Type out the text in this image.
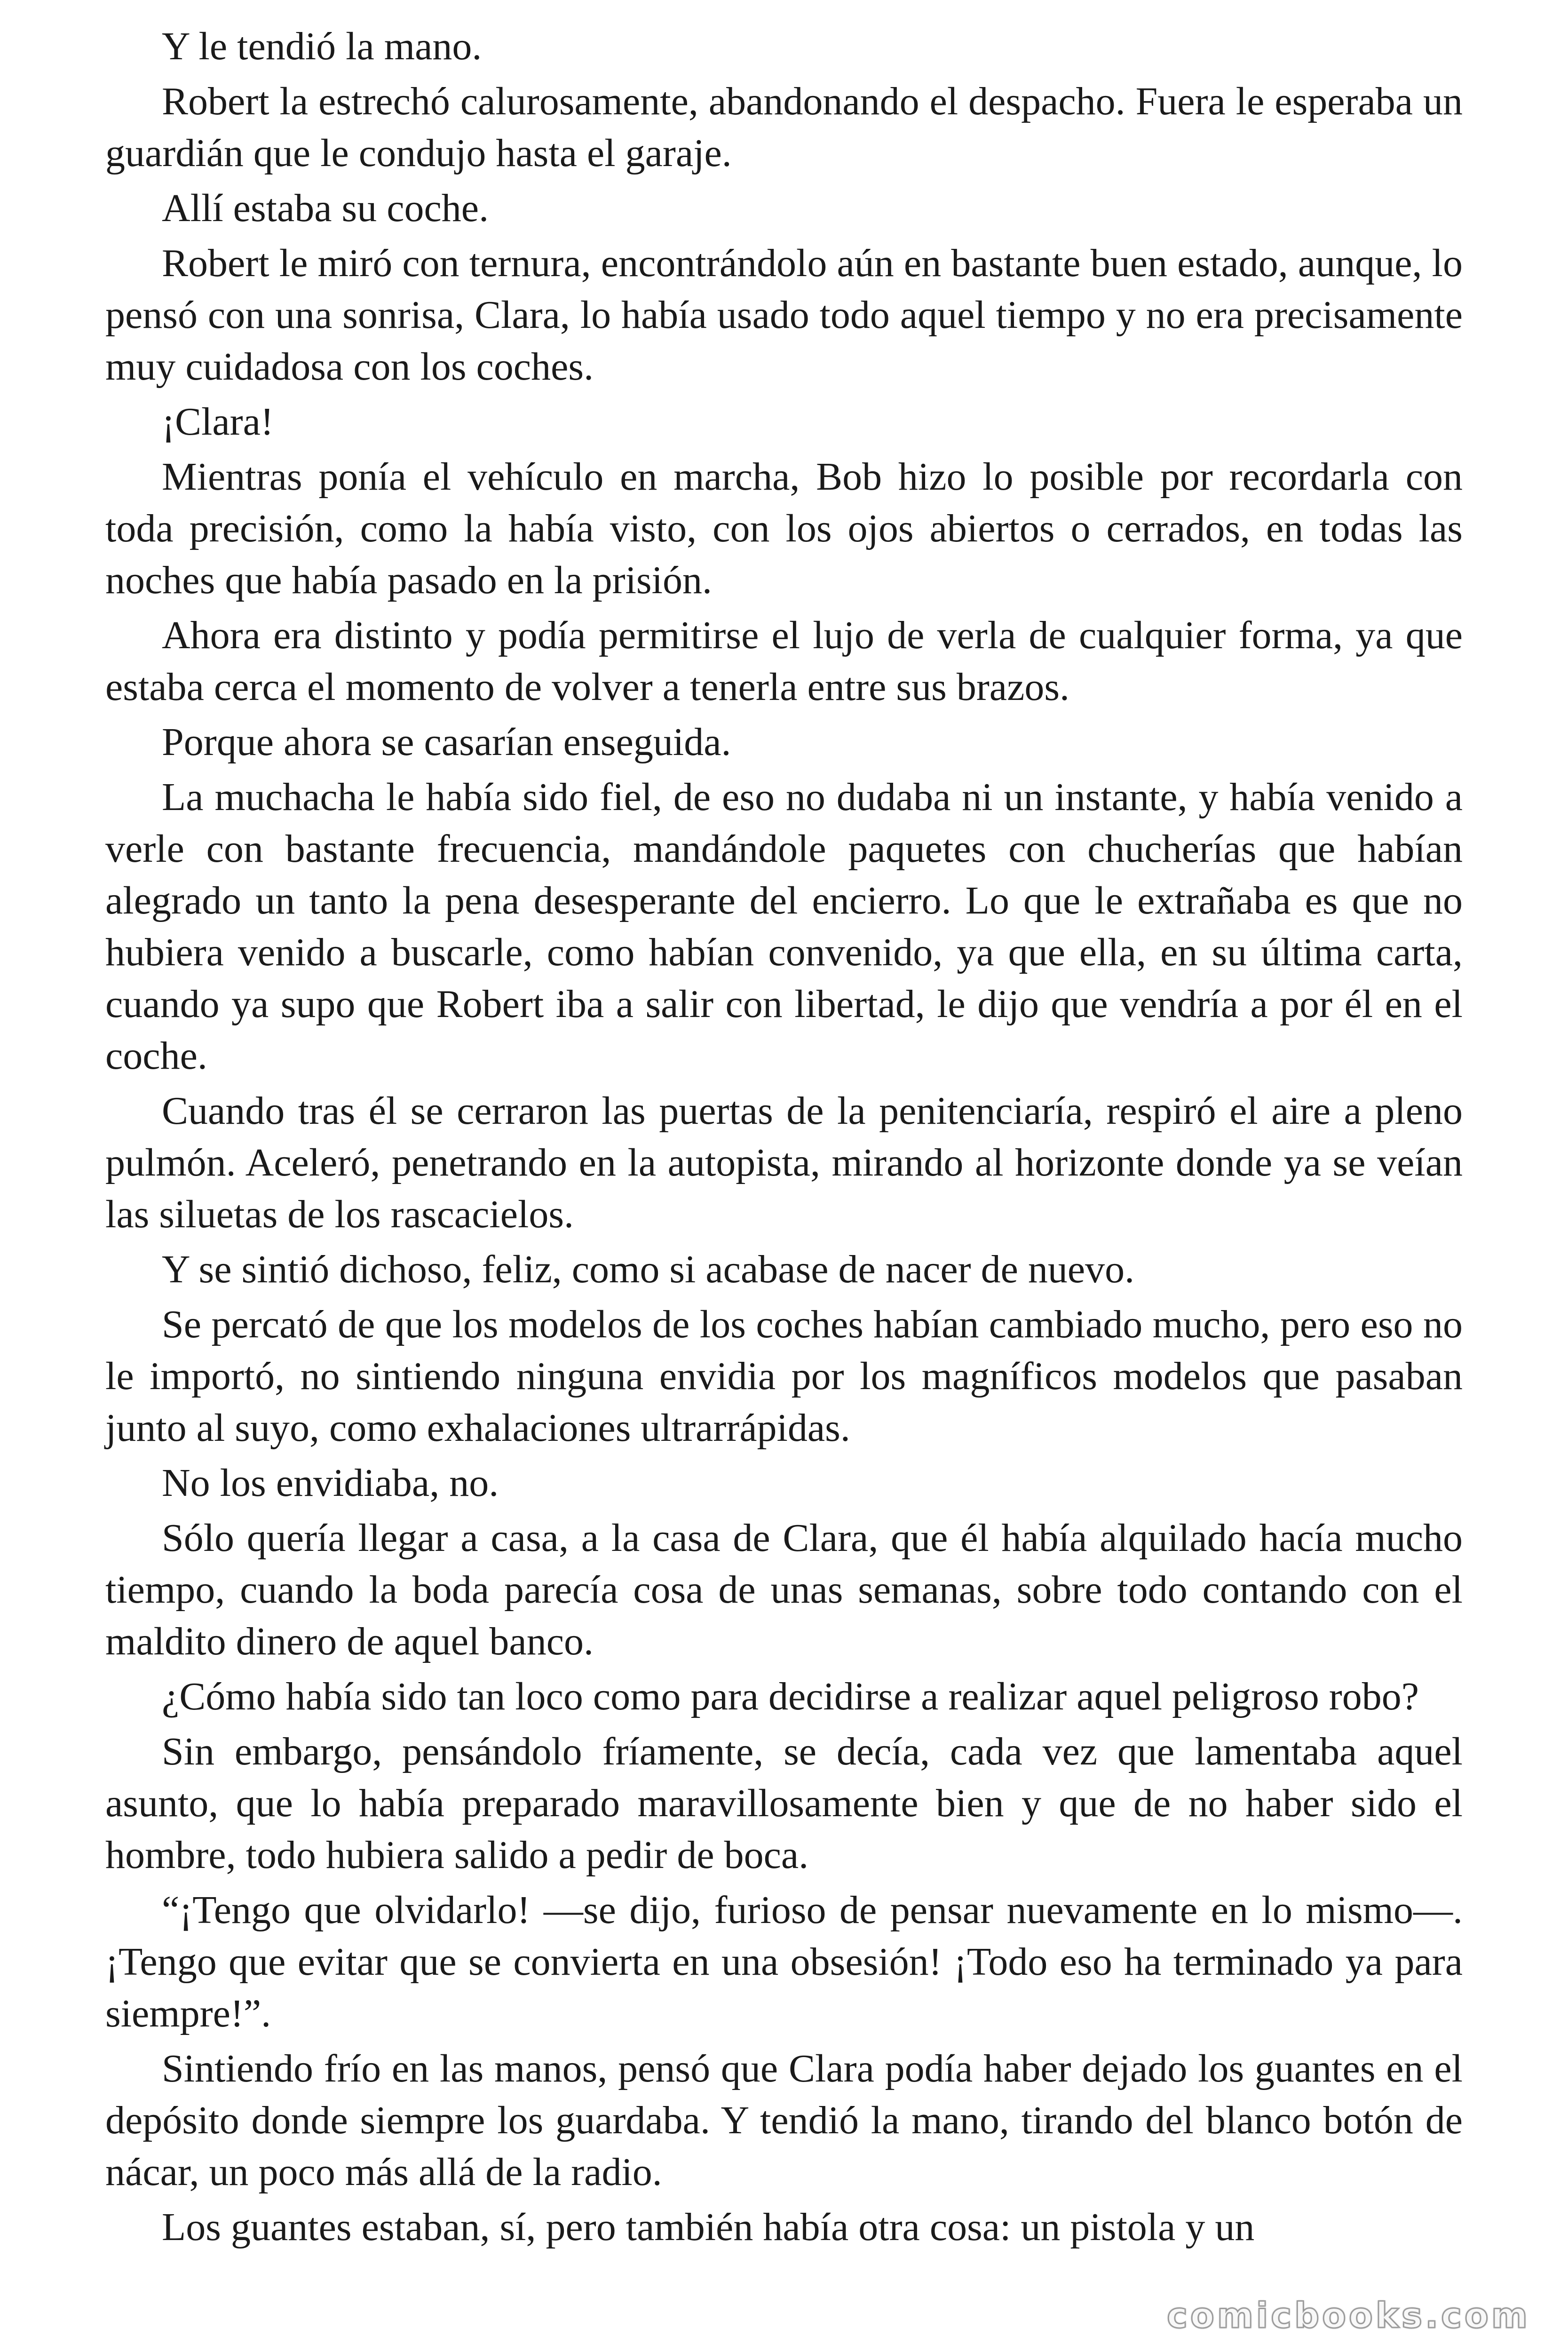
Y le tendió la mano.

Robert la estrechó calurosamente, abandonando el despacho. Fuera le esperaba un guardián que le condujo hasta el garaje.

Allí estaba su coche.

Robert le miró con ternura, encontrándolo aún en bastante buen estado, aunque, lo pensó con una sonrisa, Clara, lo había usado todo aquel tiempo y no era precisamente muy cuidadosa con los coches.

¡Clara!

Mientras ponía el vehículo en marcha, Bob hizo lo posible por recordarla con toda precisión, como la había visto, con los ojos abiertos o cerrados, en todas las noches que había pasado en la prisión.

Ahora era distinto y podía permitirse el lujo de verla de cualquier forma, ya que estaba cerca el momento de volver a tenerla entre sus brazos.

Porque ahora se casarían enseguida.

La muchacha le había sido fiel, de eso no dudaba ni un instante, y había venido a verle con bastante frecuencia, mandándole paquetes con chucherías que habían alegrado un tanto la pena desesperante del encierro. Lo que le extrañaba es que no hubiera venido a buscarle, como habían convenido, ya que ella, en su última carta, cuando ya supo que Robert iba a salir con libertad, le dijo que vendría a por él en el coche.

Cuando tras él se cerraron las puertas de la penitenciaría, respiró el aire a pleno pulmón. Aceleró, penetrando en la autopista, mirando al horizonte donde ya se veían las siluetas de los rascacielos.

Y se sintió dichoso, feliz, como si acabase de nacer de nuevo.

Se percató de que los modelos de los coches habían cambiado mucho, pero eso no le importó, no sintiendo ninguna envidia por los magníficos modelos que pasaban junto al suyo, como exhalaciones ultrarrápidas.

No los envidiaba, no.

Sólo quería llegar a casa, a la casa de Clara, que él había alquilado hacía mucho tiempo, cuando la boda parecía cosa de unas semanas, sobre todo contando con el maldito dinero de aquel banco.

¿Cómo había sido tan loco como para decidirse a realizar aquel peligroso robo?

Sin embargo, pensándolo fríamente, se decía, cada vez que lamentaba aquel asunto, que lo había preparado maravillosamente bien y que de no haber sido el hombre, todo hubiera salido a pedir de boca.

“¡Tengo que olvidarlo! —se dijo, furioso de pensar nuevamente en lo mismo—. ¡Tengo que evitar que se convierta en una obsesión! ¡Todo eso ha terminado ya para siempre!”.

Sintiendo frío en las manos, pensó que Clara podía haber dejado los guantes en el depósito donde siempre los guardaba. Y tendió la mano, tirando del blanco botón de nácar, un poco más allá de la radio.

Los guantes estaban, sí, pero también había otra cosa: un pistola y un

comicbooks.com
